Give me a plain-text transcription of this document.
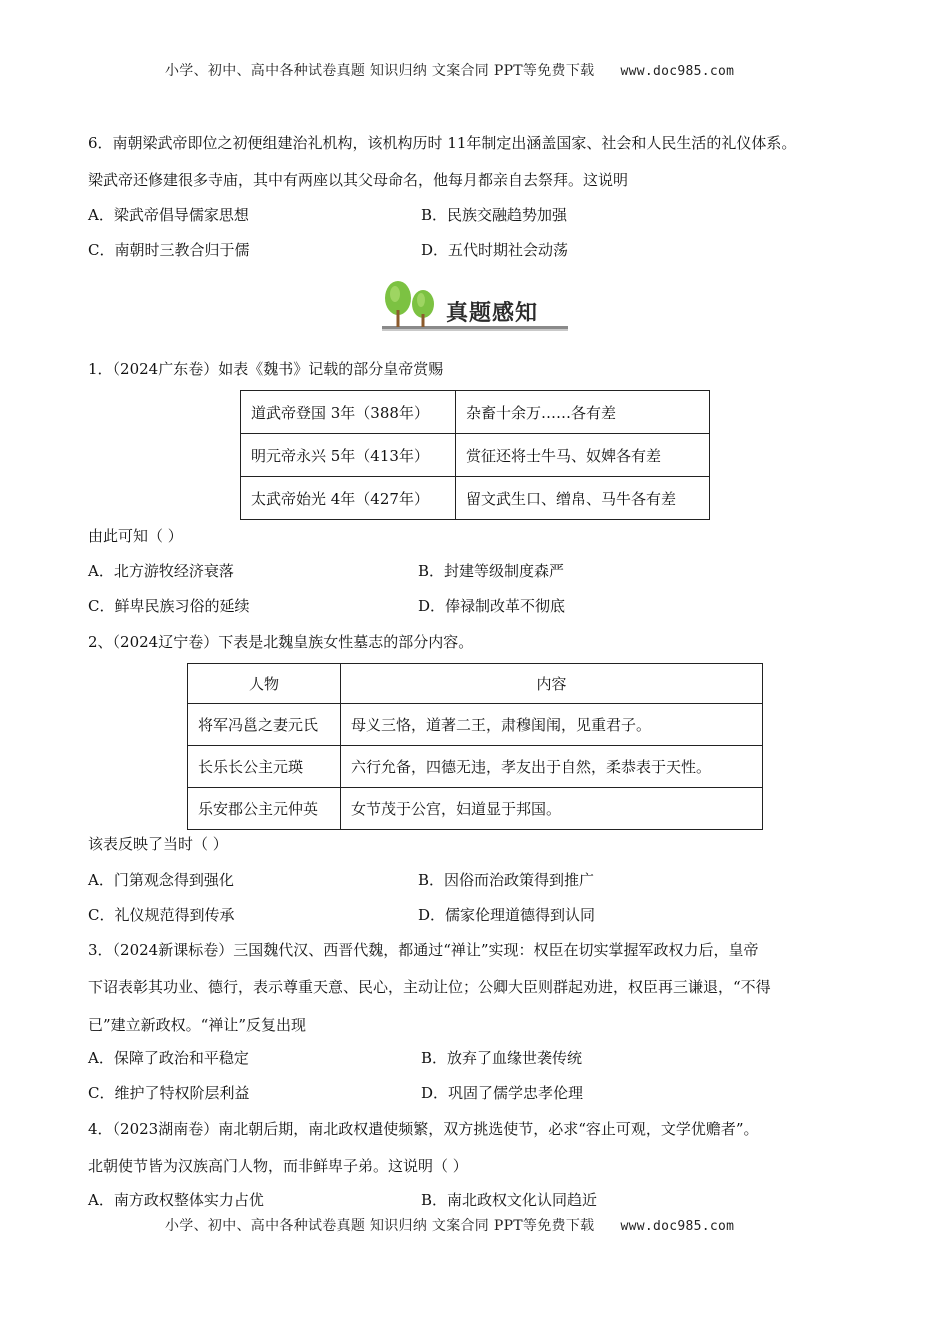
小学、初中、高中各种试卷真题 知识归纳 文案合同 PPT等免费下载 www.doc985.com
6．南朝梁武帝即位之初便组建治礼机构，该机构历时 11年制定出涵盖国家、社会和人民生活的礼仪体系。
梁武帝还修建很多寺庙，其中有两座以其父母命名，他每月都亲自去祭拜。这说明
A．梁武帝倡导儒家思想	B．民族交融趋势加强
C．南朝时三教合归于儒	D．五代时期社会动荡
真题感知
1．（2024广东卷）如表《魏书》记载的部分皇帝赏赐
道武帝登国 3年（388年）	杂畜十余万……各有差
明元帝永兴 5年（413年）	赏征还将士牛马、奴婢各有差
太武帝始光 4年（427年）	留文武生口、缯帛、马牛各有差
由此可知（ ）
A．北方游牧经济衰落	B．封建等级制度森严
C．鲜卑民族习俗的延续	D．俸禄制改革不彻底
2、（2024辽宁卷）下表是北魏皇族女性墓志的部分内容。
人物	内容
将军冯邕之妻元氏	母义三恪，道著二王，肃穆闺闱，见重君子。
长乐长公主元瑛	六行允备，四德无违，孝友出于自然，柔恭表于天性。
乐安郡公主元仲英	女节茂于公宫，妇道显于邦国。
该表反映了当时（ ）
A．门第观念得到强化	B．因俗而治政策得到推广
C．礼仪规范得到传承	D．儒家伦理道德得到认同
3．（2024新课标卷）三国魏代汉、西晋代魏，都通过“禅让”实现：权臣在切实掌握军政权力后，皇帝
下诏表彰其功业、德行，表示尊重天意、民心，主动让位；公卿大臣则群起劝进，权臣再三谦退，“不得
已”建立新政权。“禅让”反复出现
A．保障了政治和平稳定	B．放弃了血缘世袭传统
C．维护了特权阶层利益	D．巩固了儒学忠孝伦理
4．（2023湖南卷）南北朝后期，南北政权遣使频繁，双方挑选使节，必求“容止可观，文学优赡者”。
北朝使节皆为汉族高门人物，而非鲜卑子弟。这说明（ ）
A．南方政权整体实力占优	B．南北政权文化认同趋近
小学、初中、高中各种试卷真题 知识归纳 文案合同 PPT等免费下载 www.doc985.com
